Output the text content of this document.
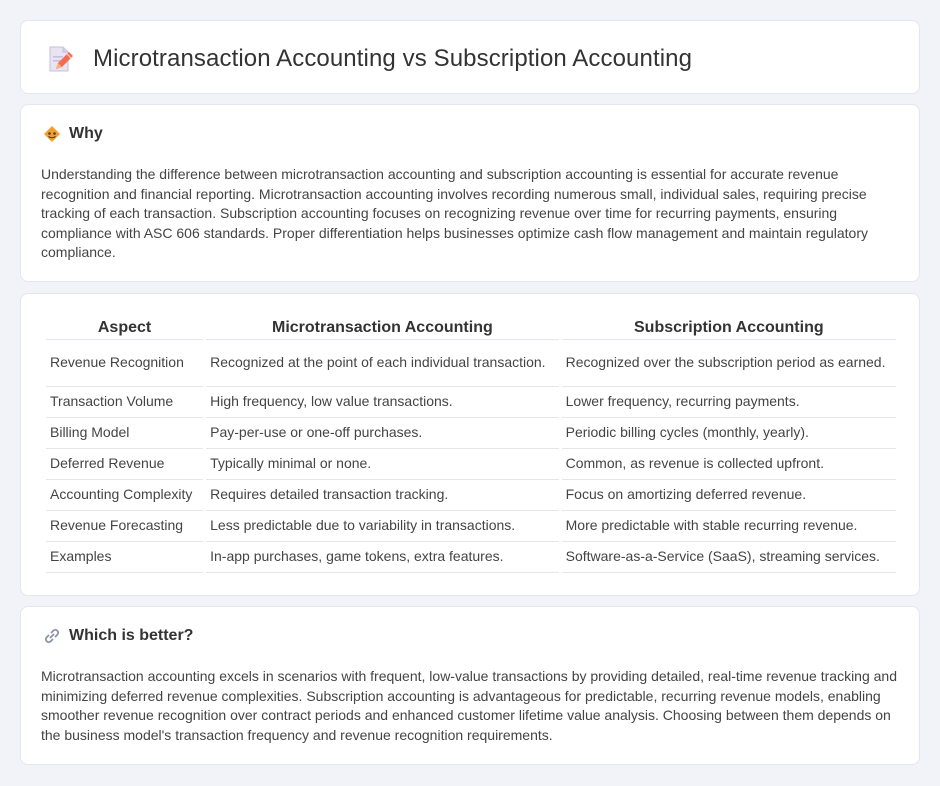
Microtransaction Accounting vs Subscription Accounting
Why

Understanding the difference between microtransaction accounting and subscription accounting is essential for accurate revenue recognition and financial reporting. Microtransaction accounting involves recording numerous small, individual sales, requiring precise tracking of each transaction. Subscription accounting focuses on recognizing revenue over time for recurring payments, ensuring compliance with ASC 606 standards. Proper differentiation helps businesses optimize cash flow management and maintain regulatory compliance.

Aspect	Microtransaction Accounting	Subscription Accounting
Revenue Recognition	Recognized at the point of each individual transaction.	Recognized over the subscription period as earned.
Transaction Volume	High frequency, low value transactions.	Lower frequency, recurring payments.
Billing Model	Pay-per-use or one-off purchases.	Periodic billing cycles (monthly, yearly).
Deferred Revenue	Typically minimal or none.	Common, as revenue is collected upfront.
Accounting Complexity	Requires detailed transaction tracking.	Focus on amortizing deferred revenue.
Revenue Forecasting	Less predictable due to variability in transactions.	More predictable with stable recurring revenue.
Examples	In-app purchases, game tokens, extra features.	Software-as-a-Service (SaaS), streaming services.
Which is better?

Microtransaction accounting excels in scenarios with frequent, low-value transactions by providing detailed, real-time revenue tracking and minimizing deferred revenue complexities. Subscription accounting is advantageous for predictable, recurring revenue models, enabling smoother revenue recognition over contract periods and enhanced customer lifetime value analysis. Choosing between them depends on the business model's transaction frequency and revenue recognition requirements.
